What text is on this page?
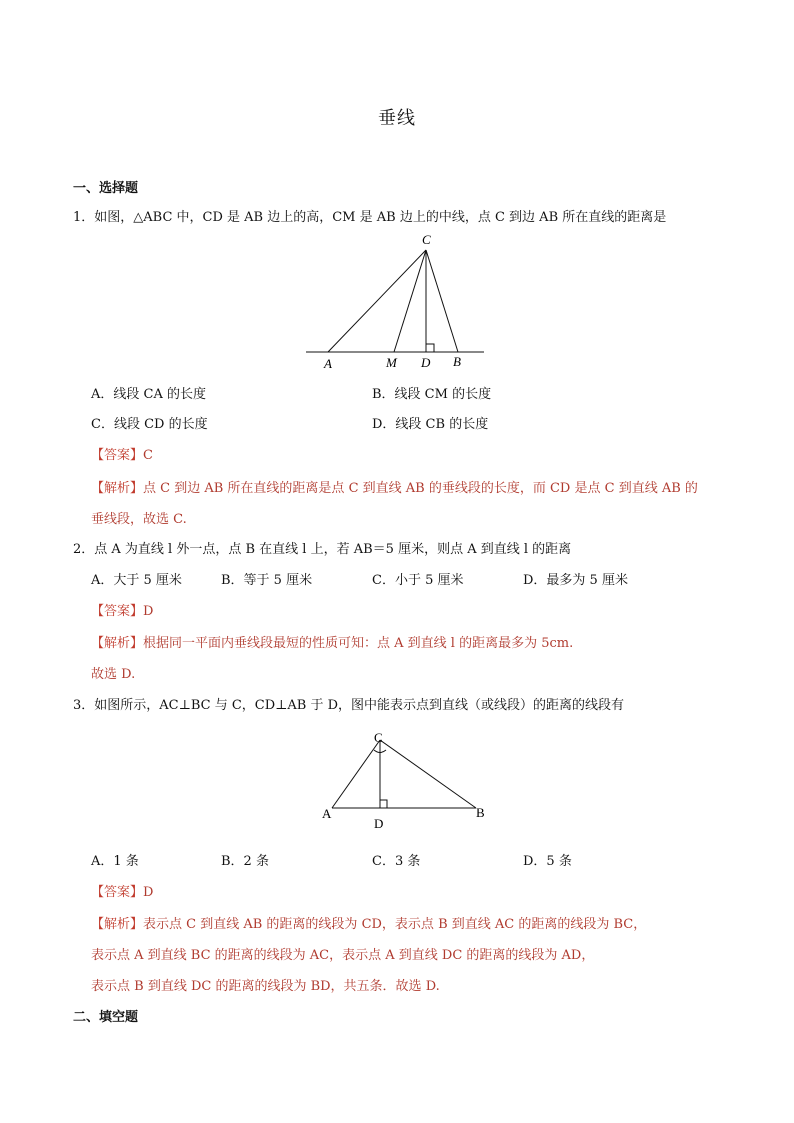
垂线
一、选择题
1．如图，△ABC 中，CD 是 AB 边上的高，CM 是 AB 边上的中线，点 C 到边 AB 所在直线的距离是
C
A	M D B
A．线段 CA 的长度	B．线段 CM 的长度
C．线段 CD 的长度	D．线段 CB 的长度
【答案】C
【解析】点 C 到边 AB 所在直线的距离是点 C 到直线 AB 的垂线段的长度，而 CD 是点 C 到直线 AB 的
垂线段，故选 C.
2．点 A 为直线 l 外一点，点 B 在直线 l 上，若 AB＝5 厘米，则点 A 到直线 l 的距离
A．大于 5 厘米	B．等于 5 厘米	C．小于 5 厘米	D．最多为 5 厘米
【答案】D
【解析】根据同一平面内垂线段最短的性质可知：点 A 到直线 l 的距离最多为 5cm.
故选 D.
3．如图所示，AC⊥BC 与 C，CD⊥AB 于 D，图中能表示点到直线（或线段）的距离的线段有
C
A
D
B
A．1 条	B．2 条	C．3 条	D．5 条
【答案】D
【解析】表示点 C 到直线 AB 的距离的线段为 CD，表示点 B 到直线 AC 的距离的线段为 BC，
表示点 A 到直线 BC 的距离的线段为 AC，表示点 A 到直线 DC 的距离的线段为 AD，
表示点 B 到直线 DC 的距离的线段为 BD，共五条．故选 D.
二、填空题
